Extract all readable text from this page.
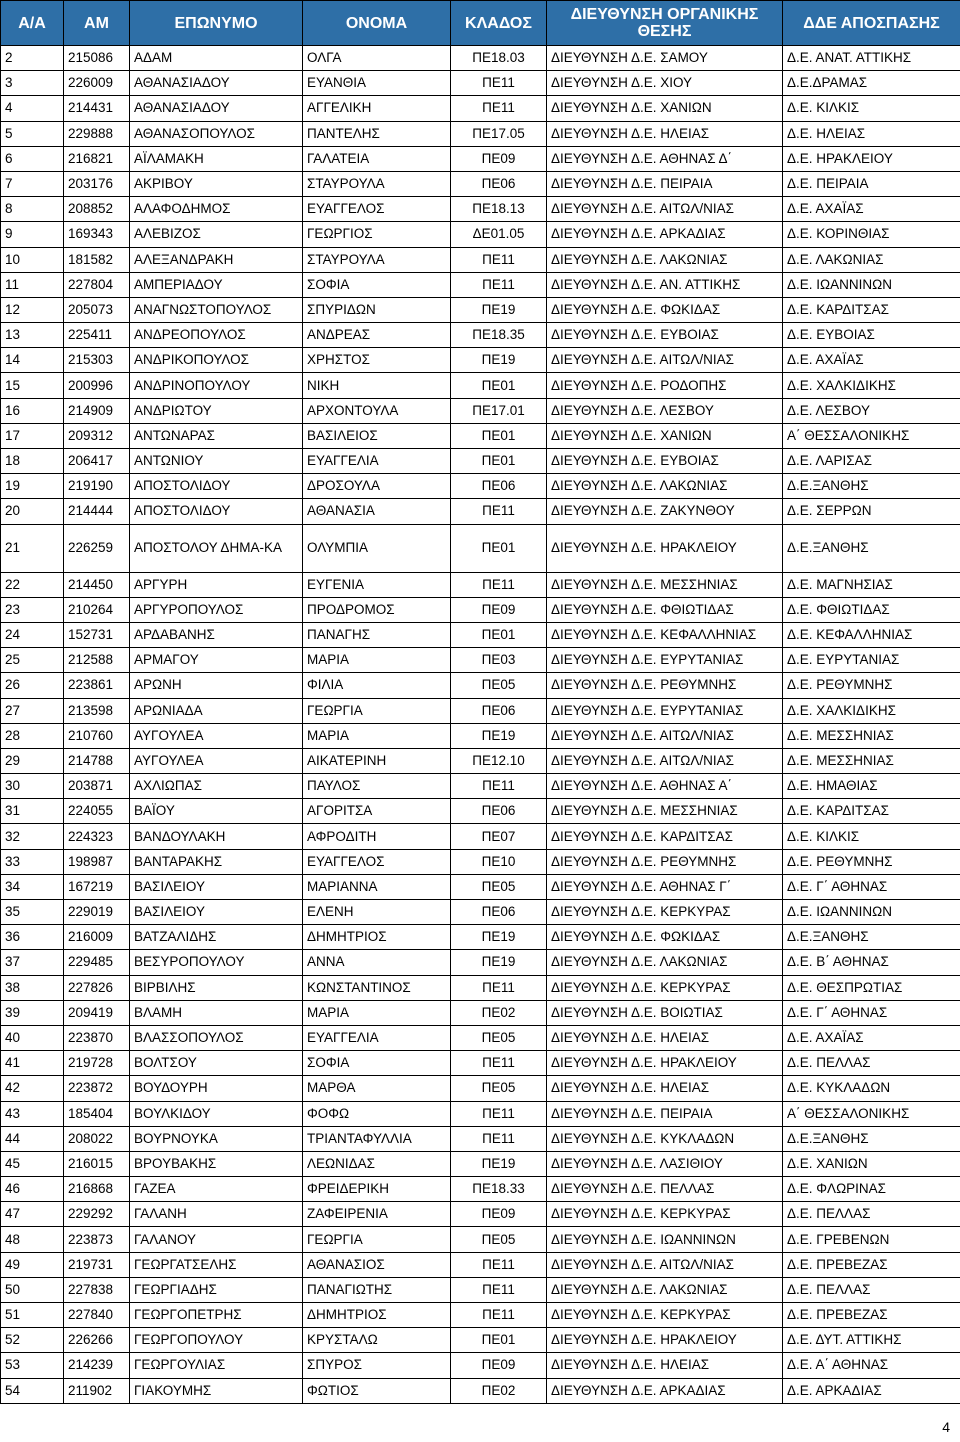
Α/Α	ΑΜ	ΕΠΩΝΥΜΟ	ΟΝΟΜΑ	ΚΛΑΔΟΣ	ΔΙΕΥΘΥΝΣΗ ΟΡΓΑΝΙΚΗΣ ΘΕΣΗΣ	ΔΔΕ ΑΠΟΣΠΑΣΗΣ
2	215086	ΑΔΑΜ	ΟΛΓΑ	ΠΕ18.03	ΔΙΕΥΘΥΝΣΗ Δ.Ε. ΣΑΜΟΥ	Δ.Ε. ΑΝΑΤ. ΑΤΤΙΚΗΣ
3	226009	ΑΘΑΝΑΣΙΑΔΟΥ	ΕΥΑΝΘΙΑ	ΠΕ11	ΔΙΕΥΘΥΝΣΗ Δ.Ε. ΧΙΟΥ	Δ.Ε.ΔΡΑΜΑΣ
4	214431	ΑΘΑΝΑΣΙΑΔΟΥ	ΑΓΓΕΛΙΚΗ	ΠΕ11	ΔΙΕΥΘΥΝΣΗ Δ.Ε. ΧΑΝΙΩΝ	Δ.Ε. ΚΙΛΚΙΣ
5	229888	ΑΘΑΝΑΣΟΠΟΥΛΟΣ	ΠΑΝΤΕΛΗΣ	ΠΕ17.05	ΔΙΕΥΘΥΝΣΗ Δ.Ε. ΗΛΕΙΑΣ	Δ.Ε. ΗΛΕΙΑΣ
6	216821	ΑΪΛΑΜΑΚΗ	ΓΑΛΑΤΕΙΑ	ΠΕ09	ΔΙΕΥΘΥΝΣΗ Δ.Ε. ΑΘΗΝΑΣ Δ΄	Δ.Ε. ΗΡΑΚΛΕΙΟΥ
7	203176	ΑΚΡΙΒΟΥ	ΣΤΑΥΡΟΥΛΑ	ΠΕ06	ΔΙΕΥΘΥΝΣΗ Δ.Ε. ΠΕΙΡΑΙΑ	Δ.Ε. ΠΕΙΡΑΙΑ
8	208852	ΑΛΑΦΟΔΗΜΟΣ	ΕΥΑΓΓΕΛΟΣ	ΠΕ18.13	ΔΙΕΥΘΥΝΣΗ Δ.Ε. ΑΙΤΩΛ/ΝΙΑΣ	Δ.Ε. ΑΧΑΪΑΣ
9	169343	ΑΛΕΒΙΖΟΣ	ΓΕΩΡΓΙΟΣ	ΔΕ01.05	ΔΙΕΥΘΥΝΣΗ Δ.Ε. ΑΡΚΑΔΙΑΣ	Δ.Ε. ΚΟΡΙΝΘΙΑΣ
10	181582	ΑΛΕΞΑΝΔΡΑΚΗ	ΣΤΑΥΡΟΥΛΑ	ΠΕ11	ΔΙΕΥΘΥΝΣΗ Δ.Ε. ΛΑΚΩΝΙΑΣ	Δ.Ε. ΛΑΚΩΝΙΑΣ
11	227804	ΑΜΠΕΡΙΑΔΟΥ	ΣΟΦΙΑ	ΠΕ11	ΔΙΕΥΘΥΝΣΗ Δ.Ε. ΑΝ. ΑΤΤΙΚΗΣ	Δ.Ε. ΙΩΑΝΝΙΝΩΝ
12	205073	ΑΝΑΓΝΩΣΤΟΠΟΥΛΟΣ	ΣΠΥΡΙΔΩΝ	ΠΕ19	ΔΙΕΥΘΥΝΣΗ Δ.Ε. ΦΩΚΙΔΑΣ	Δ.Ε. ΚΑΡΔΙΤΣΑΣ
13	225411	ΑΝΔΡΕΟΠΟΥΛΟΣ	ΑΝΔΡΕΑΣ	ΠΕ18.35	ΔΙΕΥΘΥΝΣΗ Δ.Ε. ΕΥΒΟΙΑΣ	Δ.Ε. ΕΥΒΟΙΑΣ
14	215303	ΑΝΔΡΙΚΟΠΟΥΛΟΣ	ΧΡΗΣΤΟΣ	ΠΕ19	ΔΙΕΥΘΥΝΣΗ Δ.Ε. ΑΙΤΩΛ/ΝΙΑΣ	Δ.Ε. ΑΧΑΪΑΣ
15	200996	ΑΝΔΡΙΝΟΠΟΥΛΟΥ	ΝΙΚΗ	ΠΕ01	ΔΙΕΥΘΥΝΣΗ Δ.Ε. ΡΟΔΟΠΗΣ	Δ.Ε. ΧΑΛΚΙΔΙΚΗΣ
16	214909	ΑΝΔΡΙΩΤΟΥ	ΑΡΧΟΝΤΟΥΛΑ	ΠΕ17.01	ΔΙΕΥΘΥΝΣΗ Δ.Ε. ΛΕΣΒΟΥ	Δ.Ε. ΛΕΣΒΟΥ
17	209312	ΑΝΤΩΝΑΡΑΣ	ΒΑΣΙΛΕΙΟΣ	ΠΕ01	ΔΙΕΥΘΥΝΣΗ Δ.Ε. ΧΑΝΙΩΝ	Α΄ ΘΕΣΣΑΛΟΝΙΚΗΣ
18	206417	ΑΝΤΩΝΙΟΥ	ΕΥΑΓΓΕΛΙΑ	ΠΕ01	ΔΙΕΥΘΥΝΣΗ Δ.Ε. ΕΥΒΟΙΑΣ	Δ.Ε. ΛΑΡΙΣΑΣ
19	219190	ΑΠΟΣΤΟΛΙΔΟΥ	ΔΡΟΣΟΥΛΑ	ΠΕ06	ΔΙΕΥΘΥΝΣΗ Δ.Ε. ΛΑΚΩΝΙΑΣ	Δ.Ε.ΞΑΝΘΗΣ
20	214444	ΑΠΟΣΤΟΛΙΔΟΥ	ΑΘΑΝΑΣΙΑ	ΠΕ11	ΔΙΕΥΘΥΝΣΗ Δ.Ε. ΖΑΚΥΝΘΟΥ	Δ.Ε. ΣΕΡΡΩΝ
21	226259	ΑΠΟΣΤΟΛΟΥ ΔΗΜΑ-ΚΑ	ΟΛΥΜΠΙΑ	ΠΕ01	ΔΙΕΥΘΥΝΣΗ Δ.Ε. ΗΡΑΚΛΕΙΟΥ	Δ.Ε.ΞΑΝΘΗΣ
22	214450	ΑΡΓΥΡΗ	ΕΥΓΕΝΙΑ	ΠΕ11	ΔΙΕΥΘΥΝΣΗ Δ.Ε. ΜΕΣΣΗΝΙΑΣ	Δ.Ε. ΜΑΓΝΗΣΙΑΣ
23	210264	ΑΡΓΥΡΟΠΟΥΛΟΣ	ΠΡΟΔΡΟΜΟΣ	ΠΕ09	ΔΙΕΥΘΥΝΣΗ Δ.Ε. ΦΘΙΩΤΙΔΑΣ	Δ.Ε. ΦΘΙΩΤΙΔΑΣ
24	152731	ΑΡΔΑΒΑΝΗΣ	ΠΑΝΑΓΗΣ	ΠΕ01	ΔΙΕΥΘΥΝΣΗ Δ.Ε. ΚΕΦΑΛΛΗΝΙΑΣ	Δ.Ε. ΚΕΦΑΛΛΗΝΙΑΣ
25	212588	ΑΡΜΑΓΟΥ	ΜΑΡΙΑ	ΠΕ03	ΔΙΕΥΘΥΝΣΗ Δ.Ε. ΕΥΡΥΤΑΝΙΑΣ	Δ.Ε. ΕΥΡΥΤΑΝΙΑΣ
26	223861	ΑΡΩΝΗ	ΦΙΛΙΑ	ΠΕ05	ΔΙΕΥΘΥΝΣΗ Δ.Ε. ΡΕΘΥΜΝΗΣ	Δ.Ε. ΡΕΘΥΜΝΗΣ
27	213598	ΑΡΩΝΙΑΔΑ	ΓΕΩΡΓΙΑ	ΠΕ06	ΔΙΕΥΘΥΝΣΗ Δ.Ε. ΕΥΡΥΤΑΝΙΑΣ	Δ.Ε. ΧΑΛΚΙΔΙΚΗΣ
28	210760	ΑΥΓΟΥΛΕΑ	ΜΑΡΙΑ	ΠΕ19	ΔΙΕΥΘΥΝΣΗ Δ.Ε. ΑΙΤΩΛ/ΝΙΑΣ	Δ.Ε. ΜΕΣΣΗΝΙΑΣ
29	214788	ΑΥΓΟΥΛΕΑ	ΑΙΚΑΤΕΡΙΝΗ	ΠΕ12.10	ΔΙΕΥΘΥΝΣΗ Δ.Ε. ΑΙΤΩΛ/ΝΙΑΣ	Δ.Ε. ΜΕΣΣΗΝΙΑΣ
30	203871	ΑΧΛΙΩΠΑΣ	ΠΑΥΛΟΣ	ΠΕ11	ΔΙΕΥΘΥΝΣΗ Δ.Ε. ΑΘΗΝΑΣ Α΄	Δ.Ε. ΗΜΑΘΙΑΣ
31	224055	ΒΑΪΟΥ	ΑΓΟΡΙΤΣΑ	ΠΕ06	ΔΙΕΥΘΥΝΣΗ Δ.Ε. ΜΕΣΣΗΝΙΑΣ	Δ.Ε. ΚΑΡΔΙΤΣΑΣ
32	224323	ΒΑΝΔΟΥΛΑΚΗ	ΑΦΡΟΔΙΤΗ	ΠΕ07	ΔΙΕΥΘΥΝΣΗ Δ.Ε. ΚΑΡΔΙΤΣΑΣ	Δ.Ε. ΚΙΛΚΙΣ
33	198987	ΒΑΝΤΑΡΑΚΗΣ	ΕΥΑΓΓΕΛΟΣ	ΠΕ10	ΔΙΕΥΘΥΝΣΗ Δ.Ε. ΡΕΘΥΜΝΗΣ	Δ.Ε. ΡΕΘΥΜΝΗΣ
34	167219	ΒΑΣΙΛΕΙΟΥ	ΜΑΡΙΑΝΝΑ	ΠΕ05	ΔΙΕΥΘΥΝΣΗ Δ.Ε. ΑΘΗΝΑΣ Γ΄	Δ.Ε. Γ΄ ΑΘΗΝΑΣ
35	229019	ΒΑΣΙΛΕΙΟΥ	ΕΛΕΝΗ	ΠΕ06	ΔΙΕΥΘΥΝΣΗ Δ.Ε. ΚΕΡΚΥΡΑΣ	Δ.Ε. ΙΩΑΝΝΙΝΩΝ
36	216009	ΒΑΤΖΑΛΙΔΗΣ	ΔΗΜΗΤΡΙΟΣ	ΠΕ19	ΔΙΕΥΘΥΝΣΗ Δ.Ε. ΦΩΚΙΔΑΣ	Δ.Ε.ΞΑΝΘΗΣ
37	229485	ΒΕΣΥΡΟΠΟΥΛΟΥ	ΑΝΝΑ	ΠΕ19	ΔΙΕΥΘΥΝΣΗ Δ.Ε. ΛΑΚΩΝΙΑΣ	Δ.Ε. Β΄ ΑΘΗΝΑΣ
38	227826	ΒΙΡΒΙΛΗΣ	ΚΩΝΣΤΑΝΤΙΝΟΣ	ΠΕ11	ΔΙΕΥΘΥΝΣΗ Δ.Ε. ΚΕΡΚΥΡΑΣ	Δ.Ε. ΘΕΣΠΡΩΤΙΑΣ
39	209419	ΒΛΑΜΗ	ΜΑΡΙΑ	ΠΕ02	ΔΙΕΥΘΥΝΣΗ Δ.Ε. ΒΟΙΩΤΙΑΣ	Δ.Ε. Γ΄ ΑΘΗΝΑΣ
40	223870	ΒΛΑΣΣΟΠΟΥΛΟΣ	ΕΥΑΓΓΕΛΙΑ	ΠΕ05	ΔΙΕΥΘΥΝΣΗ Δ.Ε. ΗΛΕΙΑΣ	Δ.Ε. ΑΧΑΪΑΣ
41	219728	ΒΟΛΤΣΟΥ	ΣΟΦΙΑ	ΠΕ11	ΔΙΕΥΘΥΝΣΗ Δ.Ε. ΗΡΑΚΛΕΙΟΥ	Δ.Ε. ΠΕΛΛΑΣ
42	223872	ΒΟΥΔΟΥΡΗ	ΜΑΡΘΑ	ΠΕ05	ΔΙΕΥΘΥΝΣΗ Δ.Ε. ΗΛΕΙΑΣ	Δ.Ε. ΚΥΚΛΑΔΩΝ
43	185404	ΒΟΥΛΚΙΔΟΥ	ΦΟΦΩ	ΠΕ11	ΔΙΕΥΘΥΝΣΗ Δ.Ε. ΠΕΙΡΑΙΑ	Α΄ ΘΕΣΣΑΛΟΝΙΚΗΣ
44	208022	ΒΟΥΡΝΟΥΚΑ	ΤΡΙΑΝΤΑΦΥΛΛΙΑ	ΠΕ11	ΔΙΕΥΘΥΝΣΗ Δ.Ε. ΚΥΚΛΑΔΩΝ	Δ.Ε.ΞΑΝΘΗΣ
45	216015	ΒΡΟΥΒΑΚΗΣ	ΛΕΩΝΙΔΑΣ	ΠΕ19	ΔΙΕΥΘΥΝΣΗ Δ.Ε. ΛΑΣΙΘΙΟΥ	Δ.Ε. ΧΑΝΙΩΝ
46	216868	ΓΑΖΕΑ	ΦΡΕΙΔΕΡΙΚΗ	ΠΕ18.33	ΔΙΕΥΘΥΝΣΗ Δ.Ε. ΠΕΛΛΑΣ	Δ.Ε. ΦΛΩΡΙΝΑΣ
47	229292	ΓΑΛΑΝΗ	ΖΑΦΕΙΡΕΝΙΑ	ΠΕ09	ΔΙΕΥΘΥΝΣΗ Δ.Ε. ΚΕΡΚΥΡΑΣ	Δ.Ε. ΠΕΛΛΑΣ
48	223873	ΓΑΛΑΝΟΥ	ΓΕΩΡΓΙΑ	ΠΕ05	ΔΙΕΥΘΥΝΣΗ Δ.Ε. ΙΩΑΝΝΙΝΩΝ	Δ.Ε. ΓΡΕΒΕΝΩΝ
49	219731	ΓΕΩΡΓΑΤΣΕΛΗΣ	ΑΘΑΝΑΣΙΟΣ	ΠΕ11	ΔΙΕΥΘΥΝΣΗ Δ.Ε. ΑΙΤΩΛ/ΝΙΑΣ	Δ.Ε. ΠΡΕΒΕΖΑΣ
50	227838	ΓΕΩΡΓΙΑΔΗΣ	ΠΑΝΑΓΙΩΤΗΣ	ΠΕ11	ΔΙΕΥΘΥΝΣΗ Δ.Ε. ΛΑΚΩΝΙΑΣ	Δ.Ε. ΠΕΛΛΑΣ
51	227840	ΓΕΩΡΓΟΠΕΤΡΗΣ	ΔΗΜΗΤΡΙΟΣ	ΠΕ11	ΔΙΕΥΘΥΝΣΗ Δ.Ε. ΚΕΡΚΥΡΑΣ	Δ.Ε. ΠΡΕΒΕΖΑΣ
52	226266	ΓΕΩΡΓΟΠΟΥΛΟΥ	ΚΡΥΣΤΑΛΩ	ΠΕ01	ΔΙΕΥΘΥΝΣΗ Δ.Ε. ΗΡΑΚΛΕΙΟΥ	Δ.Ε. ΔΥΤ. ΑΤΤΙΚΗΣ
53	214239	ΓΕΩΡΓΟΥΛΙΑΣ	ΣΠΥΡΟΣ	ΠΕ09	ΔΙΕΥΘΥΝΣΗ Δ.Ε. ΗΛΕΙΑΣ	Δ.Ε. Α΄ ΑΘΗΝΑΣ
54	211902	ΓΙΑΚΟΥΜΗΣ	ΦΩΤΙΟΣ	ΠΕ02	ΔΙΕΥΘΥΝΣΗ Δ.Ε. ΑΡΚΑΔΙΑΣ	Δ.Ε. ΑΡΚΑΔΙΑΣ
4
